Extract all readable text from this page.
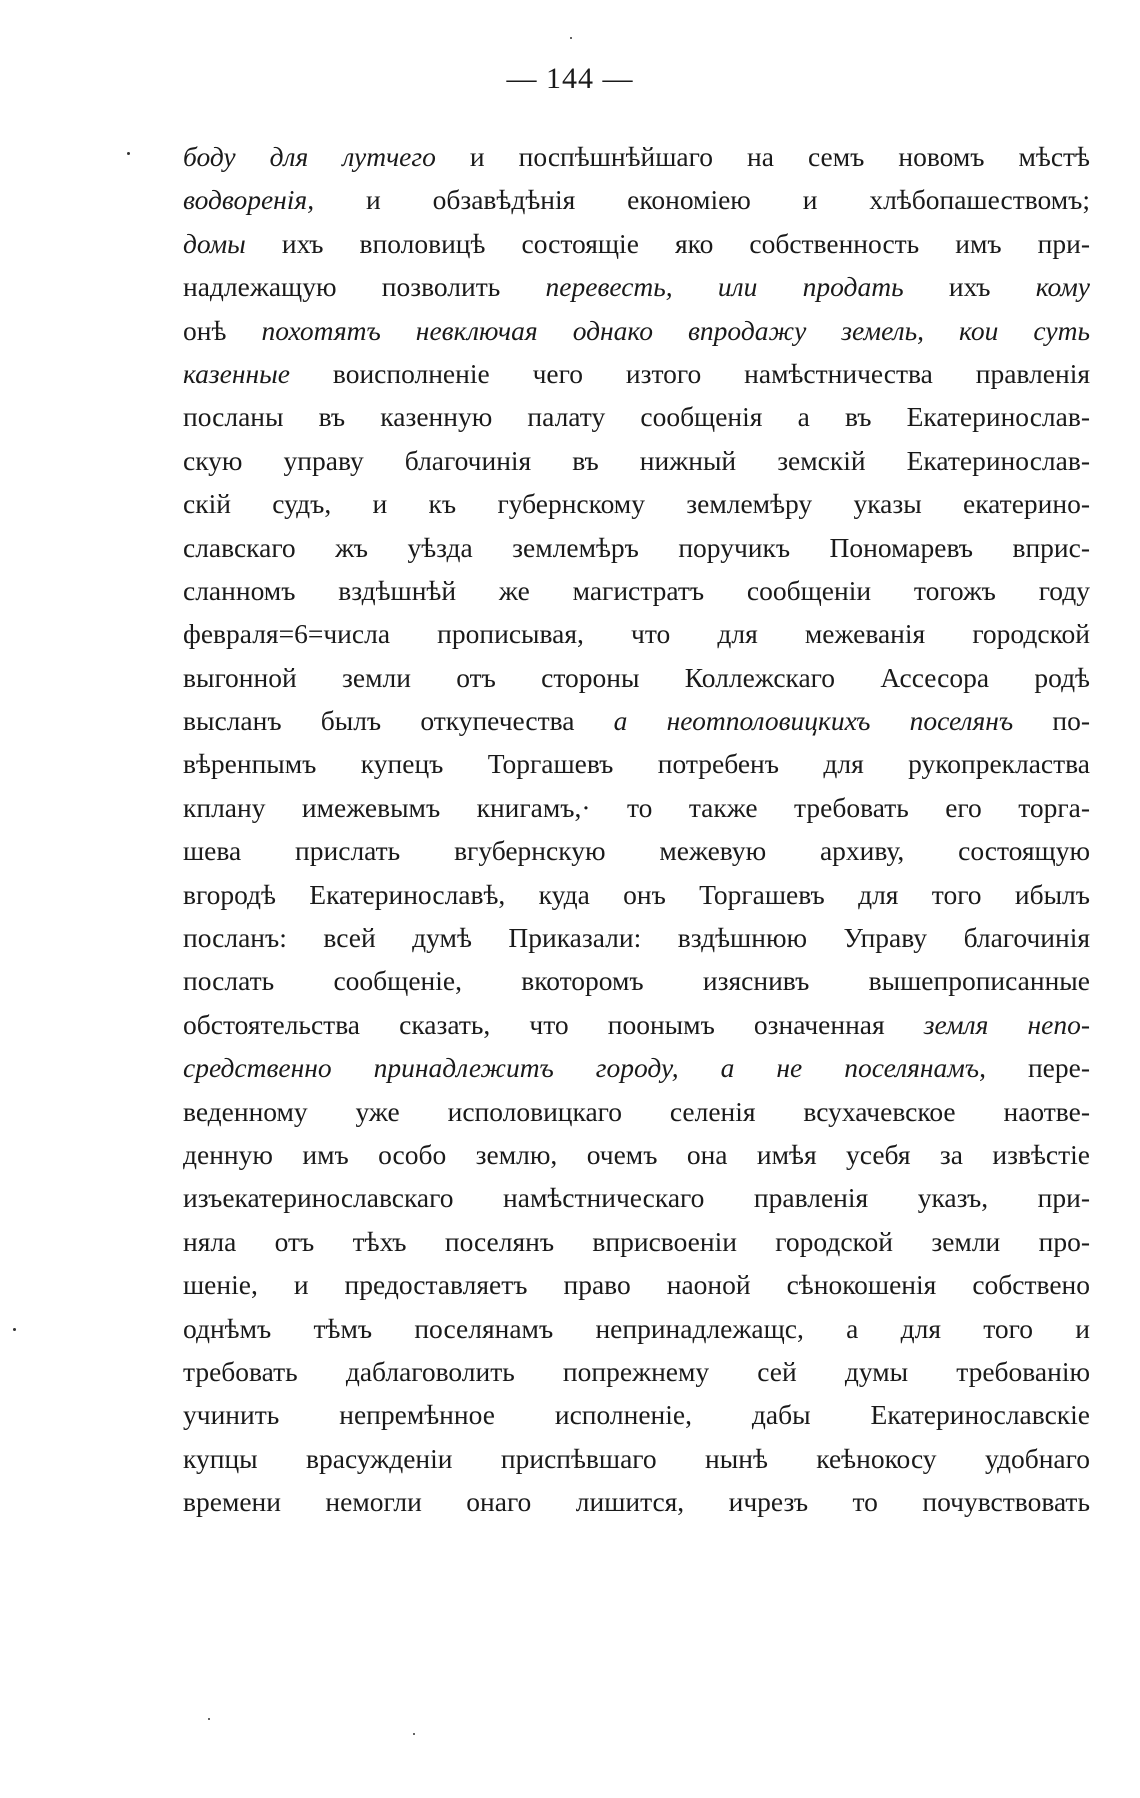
— 144 —
боду для лутчего и поспѣшнѣйшаго на семъ новомъ мѣстѣ
водворенія, и обзавѣдѣнія економіею и хлѣбопашествомъ;
домы ихъ вполовицѣ состоящіе яко собственность имъ при-
надлежащую позволить перевесть, или продать ихъ кому
онѣ похотятъ невключая однако впродажу земель, кои суть
казенные воисполненіе чего изтого намѣстничества правленія
посланы въ казенную палату сообщенія а въ Екатеринослав-
скую управу благочинія въ нижный земскій Екатеринослав-
скій судъ, и къ губернскому землемѣру указы екатерино-
славскаго жъ уѣзда землемѣръ поручикъ Пономаревъ вприс-
сланномъ вздѣшнѣй же магистратъ сообщеніи тогожъ году
февраля=6=числа прописывая, что для межеванія городской
выгонной земли отъ стороны Коллежскаго Ассесора родѣ
высланъ былъ откупечества а неотполовицкихъ поселянъ по-
вѣренпымъ купецъ Торгашевъ потребенъ для рукопрекластва
кплану имежевымъ книгамъ,· то также требовать его торга-
шева прислать вгубернскую межевую архиву, состоящую
вгородѣ Екатеринославѣ, куда онъ Торгашевъ для того ибылъ
посланъ: всей думѣ Приказали: вздѣшнюю Управу благочинія
послать сообщеніе, вкоторомъ изяснивъ вышепрописанные
обстоятельства сказать, что поонымъ означенная земля непо-
средственно принадлежитъ городу, а не поселянамъ, пере-
веденному уже исполовицкаго селенія всухачевское наотве-
денную имъ особо землю, очемъ она имѣя усебя за извѣстіе
изъекатеринославскаго намѣстническаго правленія указъ, при-
няла отъ тѣхъ поселянъ вприсвоеніи городской земли про-
шеніе, и предоставляетъ право наоной сѣнокошенія собствено
однѣмъ тѣмъ поселянамъ непринадлежащс, а для того и
требовать даблаговолить попрежнему сей думы требованію
учинить непремѣнное исполненіе, дабы Екатеринославскіе
купцы врасужденіи приспѣвшаго нынѣ кеѣнокосу удобнаго
времени немогли онаго лишится, ичрезъ то почувствовать
